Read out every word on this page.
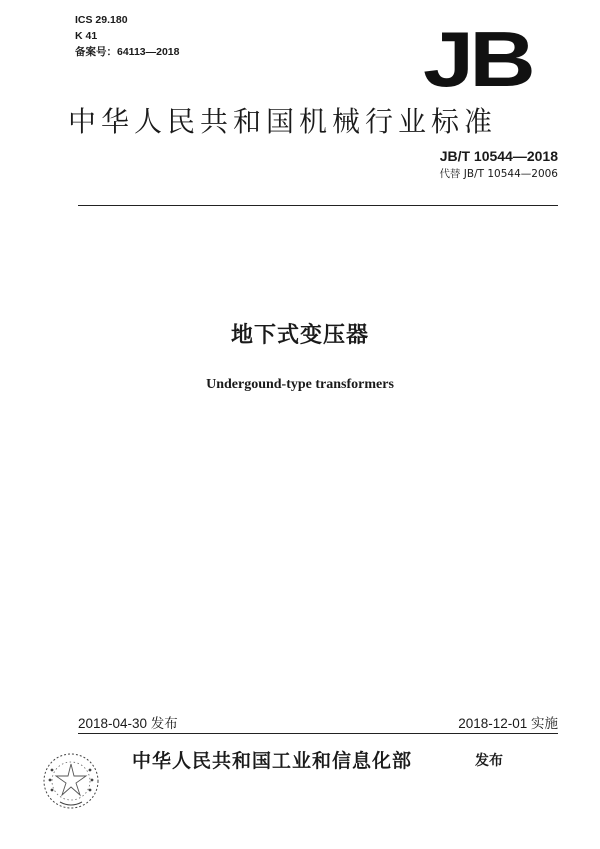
ICS 29.180
K 41
备案号：64113—2018	JB
中华人民共和国机械行业标准
JB/T 10544—2018
代替 JB/T 10544—2006
地下式变压器
Undergound-type transformers
2018-04-30 发布	2018-12-01 实施
中华人民共和国工业和信息化部	发布
